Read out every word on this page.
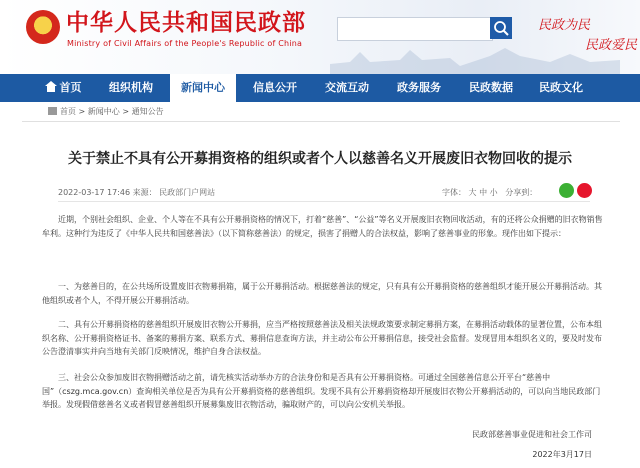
★ 中华人民共和国民政部
Ministry of Civil Affairs of the People's Republic of China
民政为民
民政爱民
首页	组织机构	新闻中心	信息公开	交流互动	政务服务	民政数据	民政文化
首页 > 新闻中心 > 通知公告
关于禁止不具有公开募捐资格的组织或者个人以慈善名义开展废旧衣物回收的提示
2022-03-17 17:46 来源： 民政部门户网站	字体： 大 中 小 分享到：
近期，个别社会组织、企业、个人等在不具有公开募捐资格的情况下，打着“慈善”、“公益”等名义开展废旧衣物回收活动，有的还将公众捐赠的旧衣物销售牟利。这种行为违反了《中华人民共和国慈善法》（以下简称慈善法）的规定，损害了捐赠人的合法权益，影响了慈善事业的形象。现作出如下提示：
一、为慈善目的，在公共场所设置废旧衣物募捐箱，属于公开募捐活动。根据慈善法的规定，只有具有公开募捐资格的慈善组织才能开展公开募捐活动。其他组织或者个人，不得开展公开募捐活动。
二、具有公开募捐资格的慈善组织开展废旧衣物公开募捐，应当严格按照慈善法及相关法规政策要求制定募捐方案，在募捐活动载体的显著位置，公布本组织名称、公开募捐资格证书、备案的募捐方案、联系方式、募捐信息查询方法，并主动公布公开募捐信息，接受社会监督。发现冒用本组织名义的，要及时发布公告澄清事实并向当地有关部门反映情况，维护自身合法权益。
三、社会公众参加废旧衣物捐赠活动之前，请先核实活动举办方的合法身份和是否具有公开募捐资格。可通过全国慈善信息公开平台“慈善中国”（cszg.mca.gov.cn）查询相关单位是否为具有公开募捐资格的慈善组织。发现不具有公开募捐资格却开展废旧衣物公开募捐活动的，可以向当地民政部门举报。发现假借慈善名义或者假冒慈善组织开展募集废旧衣物活动，骗取财产的，可以向公安机关举报。
民政部慈善事业促进和社会工作司
2022年3月17日
